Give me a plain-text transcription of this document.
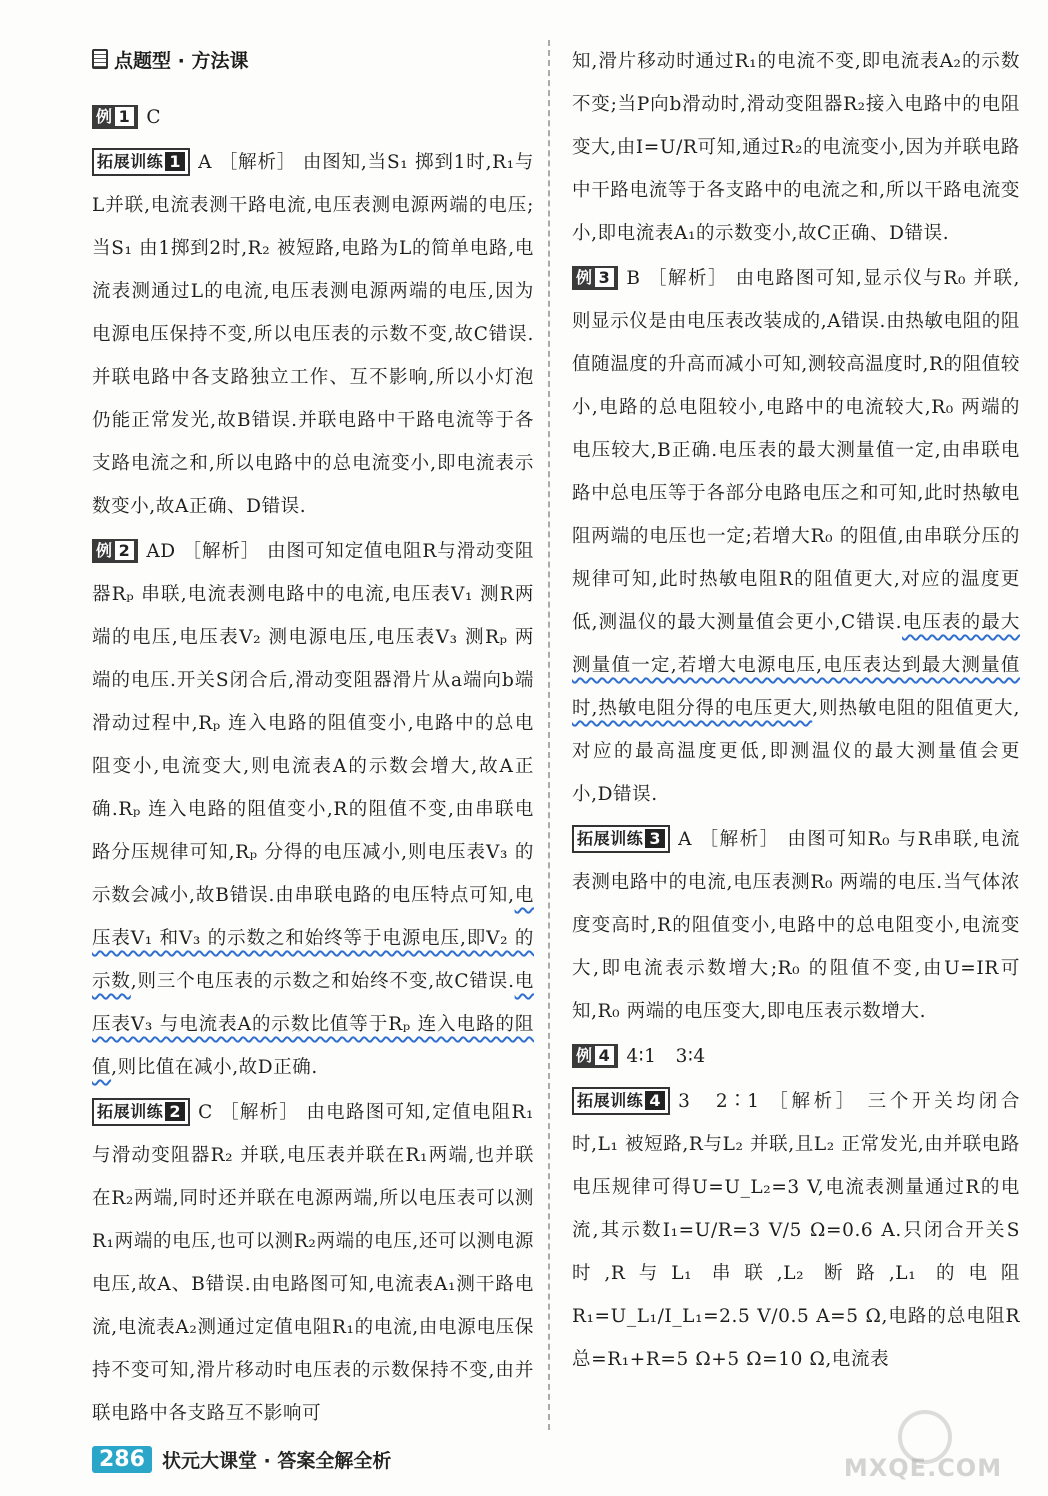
点题型 · 方法课

例 1 C

拓展训练 1 A ［解析］ 由图知,当S₁ 掷到1时,R₁与L并联,电流表测干路电流,电压表测电源两端的电压;当S₁ 由1掷到2时,R₂ 被短路,电路为L的简单电路,电流表测通过L的电流,电压表测电源两端的电压,因为电源电压保持不变,所以电压表的示数不变,故C错误.并联电路中各支路独立工作、互不影响,所以小灯泡仍能正常发光,故B错误.并联电路中干路电流等于各支路电流之和,所以电路中的总电流变小,即电流表示数变小,故A正确、D错误.

例 2 AD ［解析］ 由图可知定值电阻R与滑动变阻器Rₚ 串联,电流表测电路中的电流,电压表V₁ 测R两端的电压,电压表V₂ 测电源电压,电压表V₃ 测Rₚ 两端的电压.开关S闭合后,滑动变阻器滑片从a端向b端滑动过程中,Rₚ 连入电路的阻值变小,电路中的总电阻变小,电流变大,则电流表A的示数会增大,故A正确.Rₚ 连入电路的阻值变小,R的阻值不变,由串联电路分压规律可知,Rₚ 分得的电压减小,则电压表V₃ 的示数会减小,故B错误.由串联电路的电压特点可知,电压表V₁ 和V₃ 的示数之和始终等于电源电压,即V₂ 的示数,则三个电压表的示数之和始终不变,故C错误.电压表V₃ 与电流表A的示数比值等于Rₚ 连入电路的阻值,则比值在减小,故D正确.

拓展训练 2 C ［解析］ 由电路图可知,定值电阻R₁ 与滑动变阻器R₂ 并联,电压表并联在R₁两端,也并联在R₂两端,同时还并联在电源两端,所以电压表可以测R₁两端的电压,也可以测R₂两端的电压,还可以测电源电压,故A、B错误.由电路图可知,电流表A₁测干路电流,电流表A₂测通过定值电阻R₁的电流,由电源电压保持不变可知,滑片移动时电压表的示数保持不变,由并联电路中各支路互不影响可

知,滑片移动时通过R₁的电流不变,即电流表A₂的示数不变;当P向b滑动时,滑动变阻器R₂接入电路中的电阻变大,由I=U/R可知,通过R₂的电流变小,因为并联电路中干路电流等于各支路中的电流之和,所以干路电流变小,即电流表A₁的示数变小,故C正确、D错误.

例 3 B ［解析］ 由电路图可知,显示仪与R₀ 并联,则显示仪是由电压表改装成的,A错误.由热敏电阻的阻值随温度的升高而减小可知,测较高温度时,R的阻值较小,电路的总电阻较小,电路中的电流较大,R₀ 两端的电压较大,B正确.电压表的最大测量值一定,由串联电路中总电压等于各部分电路电压之和可知,此时热敏电阻两端的电压也一定;若增大R₀ 的阻值,由串联分压的规律可知,此时热敏电阻R的阻值更大,对应的温度更低,测温仪的最大测量值会更小,C错误.电压表的最大测量值一定,若增大电源电压,电压表达到最大测量值时,热敏电阻分得的电压更大,则热敏电阻的阻值更大,对应的最高温度更低,即测温仪的最大测量值会更小,D错误.

拓展训练 3 A ［解析］ 由图可知R₀ 与R串联,电流表测电路中的电流,电压表测R₀ 两端的电压.当气体浓度变高时,R的阻值变小,电路中的总电阻变小,电流变大,即电流表示数增大;R₀ 的阻值不变,由U=IR可知,R₀ 两端的电压变大,即电压表示数增大.

例 4 4∶1　3∶4

拓展训练 4 3　2∶1 ［解析］ 三个开关均闭合时,L₁ 被短路,R与L₂ 并联,且L₂ 正常发光,由并联电路电压规律可得U=U_L₂=3 V,电流表测量通过R的电流,其示数I₁=U/R=3 V/5 Ω=0.6 A.只闭合开关S时,R与L₁ 串联,L₂ 断路,L₁ 的电阻R₁=U_L₁/I_L₁=2.5 V/0.5 A=5 Ω,电路的总电阻R总=R₁+R=5 Ω+5 Ω=10 Ω,电流表

286 状元大课堂 · 答案全解全析	MXQE.COM
